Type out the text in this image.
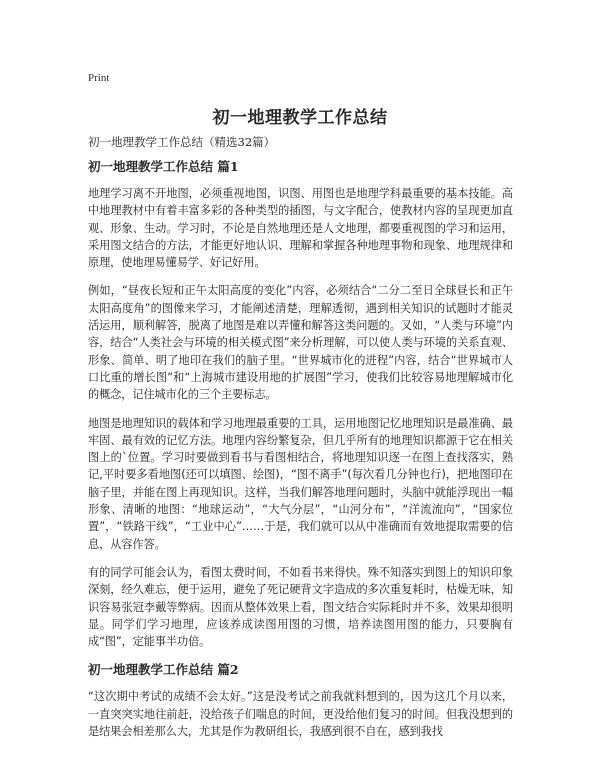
Print
初一地理教学工作总结
初一地理教学工作总结（精选32篇）
初一地理教学工作总结 篇1

地理学习离不开地图，必须重视地图，识图、用图也是地理学科最重要的基本技能。高中地理教材中有着丰富多彩的各种类型的插图，与文字配合，使教材内容的呈现更加直观、形象、生动。学习时，不论是自然地理还是人文地理，都要重视图的学习和运用，采用图文结合的方法，才能更好地认识、理解和掌握各种地理事物和现象、地理规律和原理，使地理易懂易学、好记好用。

例如，“昼夜长短和正午太阳高度的变化”内容，必须结合“二分二至日全球昼长和正午太阳高度角”的图像来学习，才能阐述清楚，理解透彻，遇到相关知识的试题时才能灵活运用，顺利解答，脱离了地图是难以弄懂和解答这类问题的。又如，“人类与环境”内容，结合“人类社会与环境的相关模式图”来分析理解，可以使人类与环境的关系直观、形象、简单、明了地印在我们的脑子里。“世界城市化的进程”内容，结合“世界城市人口比重的增长图”和“上海城市建设用地的扩展图”学习，使我们比较容易地理解城市化的概念，记住城市化的三个主要标志。

地图是地理知识的载体和学习地理最重要的工具，运用地图记忆地理知识是最准确、最牢固、最有效的记忆方法。地理内容纷繁复杂，但几乎所有的地理知识都源于它在相关图上的`位置。学习时要做到看书与看图相结合，将地理知识逐一在图上查找落实，熟记,平时要多看地图(还可以填图、绘图)，“图不离手”(每次看几分钟也行)，把地图印在脑子里，并能在图上再现知识。这样，当我们解答地理问题时，头脑中就能浮现出一幅形象、清晰的地图：“地球运动”，“大气分层”，“山河分布”，“洋流流向”，“国家位置”，“铁路干线”，“工业中心”……于是，我们就可以从中准确而有效地提取需要的信息，从容作答。

有的同学可能会认为，看图太费时间，不如看书来得快。殊不知落实到图上的知识印象深刻，经久难忘，便于运用，避免了死记硬背文字造成的多次重复耗时，枯燥无味，知识容易张冠李戴等弊病。因而从整体效果上看，图文结合实际耗时并不多，效果却很明显。同学们学习地理，应该养成读图用图的习惯，培养读图用图的能力，只要胸有成“图”，定能事半功倍。

初一地理教学工作总结 篇2

“这次期中考试的成绩不会太好。”这是没考试之前我就料想到的，因为这几个月以来，一直突突实地往前赶，没给孩子们喘息的时间，更没给他们复习的时间。但我没想到的是结果会相差那么大，尤其是作为教研组长，我感到很不自在，感到我找
